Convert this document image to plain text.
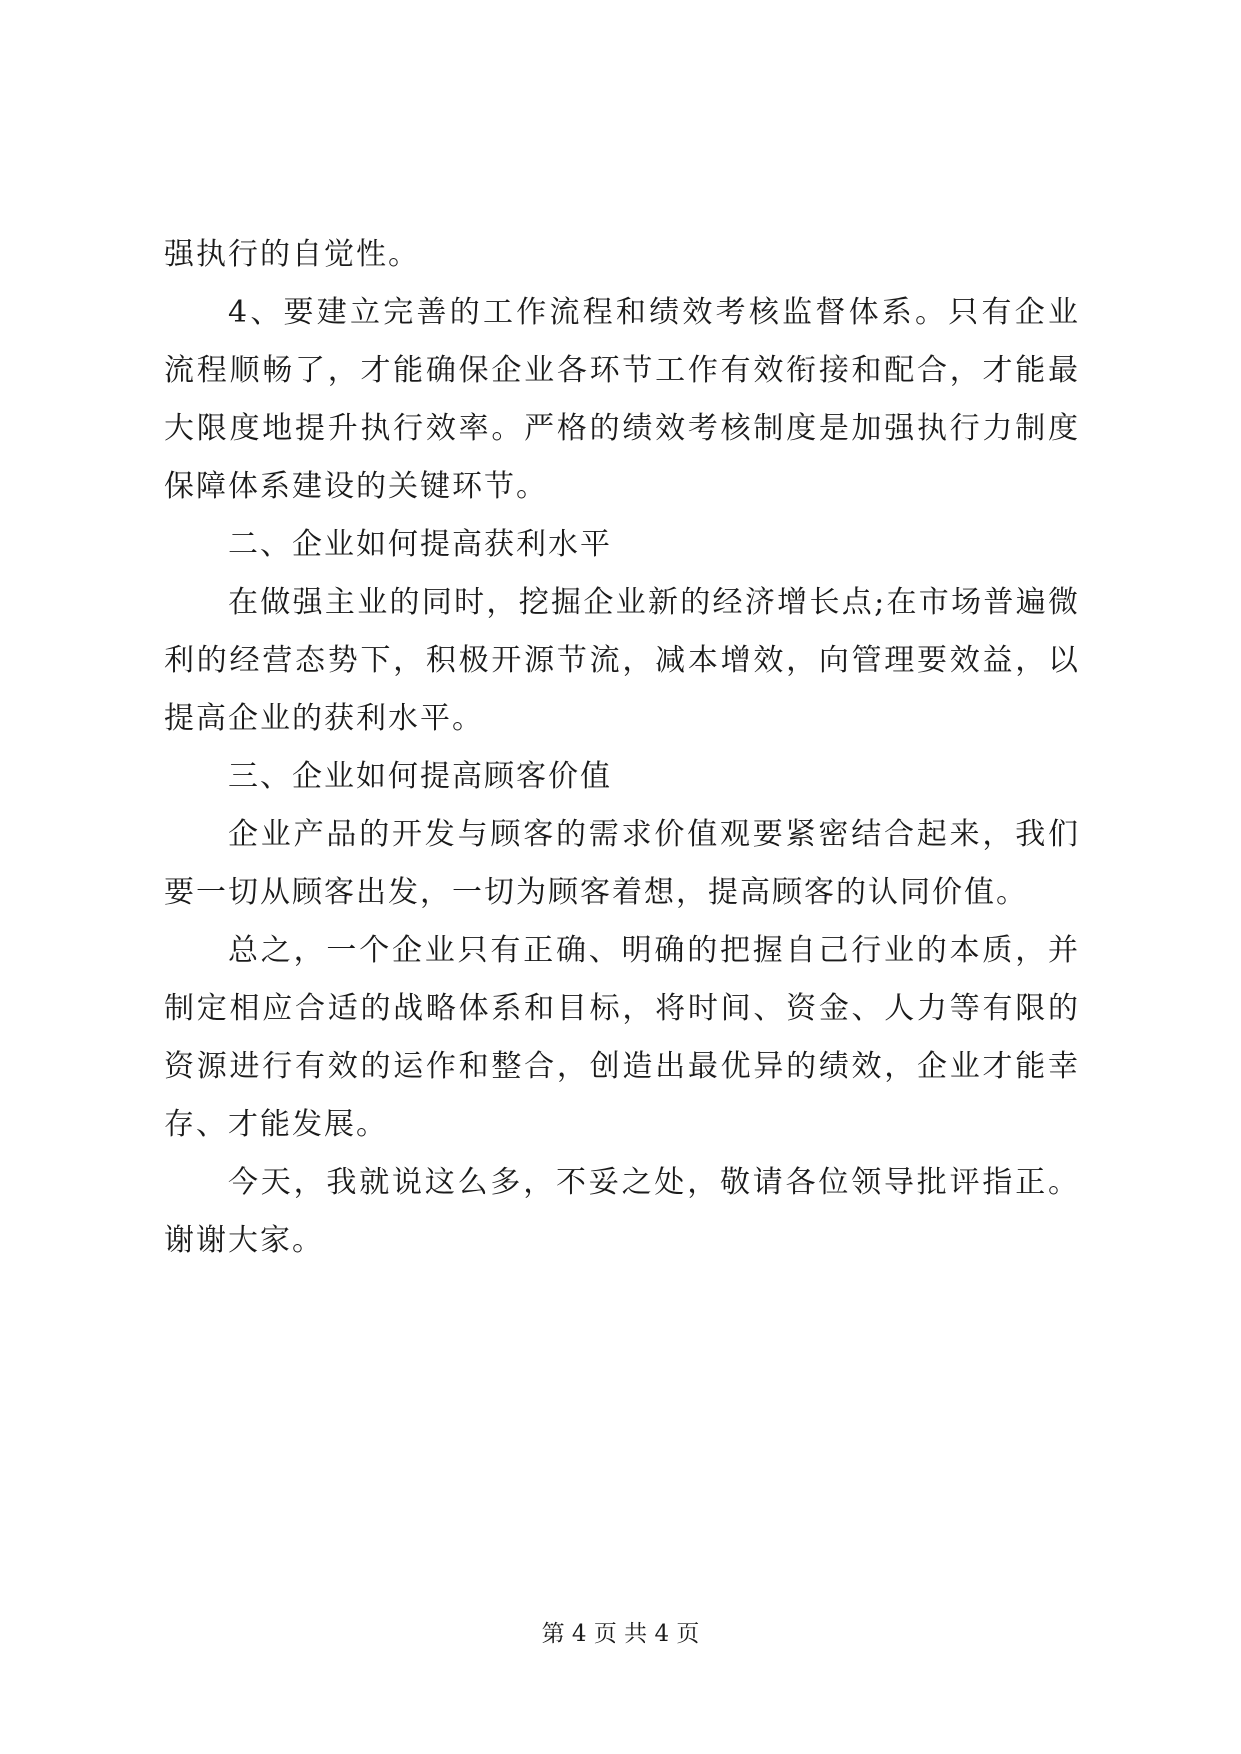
强执行的自觉性。

4、要建立完善的工作流程和绩效考核监督体系。只有企业流程顺畅了，才能确保企业各环节工作有效衔接和配合，才能最大限度地提升执行效率。严格的绩效考核制度是加强执行力制度保障体系建设的关键环节。

二、企业如何提高获利水平

在做强主业的同时，挖掘企业新的经济增长点;在市场普遍微利的经营态势下，积极开源节流，减本增效，向管理要效益，以提高企业的获利水平。

三、企业如何提高顾客价值

企业产品的开发与顾客的需求价值观要紧密结合起来，我们要一切从顾客出发，一切为顾客着想，提高顾客的认同价值。

总之，一个企业只有正确、明确的把握自己行业的本质，并制定相应合适的战略体系和目标，将时间、资金、人力等有限的资源进行有效的运作和整合，创造出最优异的绩效，企业才能幸存、才能发展。

今天，我就说这么多，不妥之处，敬请各位领导批评指正。谢谢大家。

第 4 页 共 4 页
